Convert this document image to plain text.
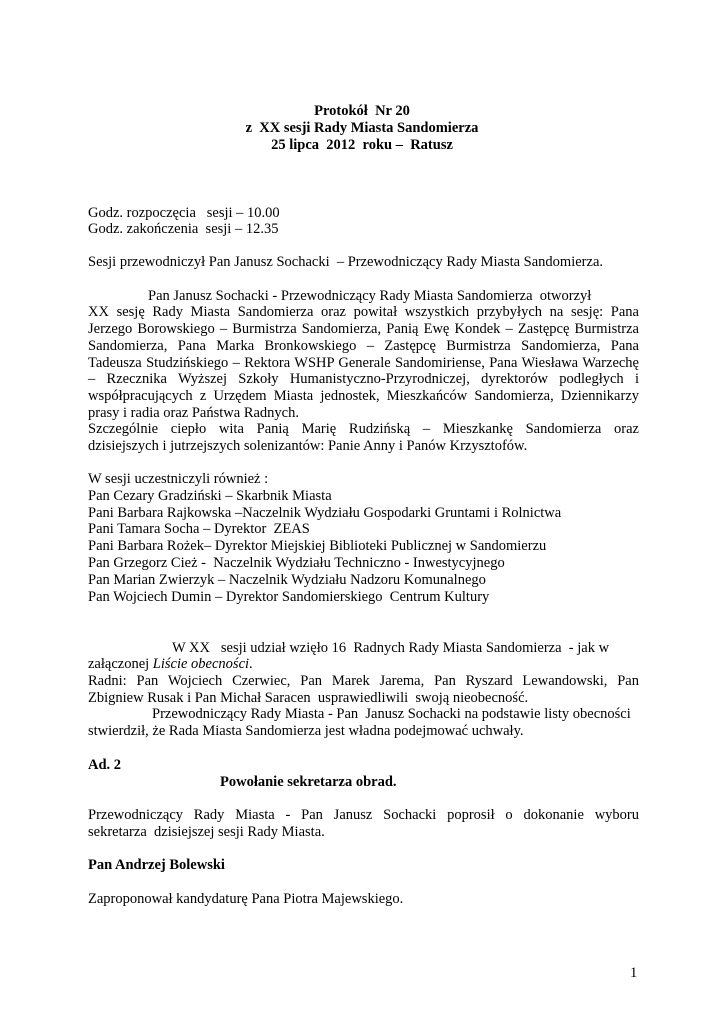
Protokół  Nr 20
z  XX sesji Rady Miasta Sandomierza
25 lipca  2012  roku –  Ratusz
Godz. rozpoczęcia   sesji – 10.00
Godz. zakończenia  sesji – 12.35
Sesji przewodniczył Pan Janusz Sochacki  – Przewodniczący Rady Miasta Sandomierza.
Pan Janusz Sochacki - Przewodniczący Rady Miasta Sandomierza  otworzył
XX sesję Rady Miasta Sandomierza oraz powitał wszystkich przybyłych na sesję: Pana
Jerzego Borowskiego – Burmistrza Sandomierza, Panią Ewę Kondek – Zastępcę Burmistrza
Sandomierza, Pana Marka Bronkowskiego – Zastępcę Burmistrza Sandomierza, Pana
Tadeusza Studzińskiego – Rektora WSHP Generale Sandomiriense, Pana Wiesława Warzechę
– Rzecznika Wyższej Szkoły Humanistyczno-Przyrodniczej, dyrektorów podległych i
współpracujących z Urzędem Miasta jednostek, Mieszkańców Sandomierza, Dziennikarzy
prasy i radia oraz Państwa Radnych.
Szczególnie ciepło wita Panią Marię Rudzińską – Mieszkankę Sandomierza oraz
dzisiejszych i jutrzejszych solenizantów: Panie Anny i Panów Krzysztofów.
W sesji uczestniczyli również :
Pan Cezary Gradziński – Skarbnik Miasta
Pani Barbara Rajkowska –Naczelnik Wydziału Gospodarki Gruntami i Rolnictwa
Pani Tamara Socha – Dyrektor  ZEAS
Pani Barbara Rożek– Dyrektor Miejskiej Biblioteki Publicznej w Sandomierzu
Pan Grzegorz Cież -  Naczelnik Wydziału Techniczno - Inwestycyjnego
Pan Marian Zwierzyk – Naczelnik Wydziału Nadzoru Komunalnego
Pan Wojciech Dumin – Dyrektor Sandomierskiego  Centrum Kultury
W XX   sesji udział wzięło 16  Radnych Rady Miasta Sandomierza  - jak w
załączonej Liście obecności.
Radni: Pan Wojciech Czerwiec, Pan Marek Jarema, Pan Ryszard Lewandowski, Pan
Zbigniew Rusak i Pan Michał Saracen  usprawiedliwili  swoją nieobecność.
Przewodniczący Rady Miasta - Pan  Janusz Sochacki na podstawie listy obecności
stwierdził, że Rada Miasta Sandomierza jest władna podejmować uchwały.
Ad. 2
Powołanie sekretarza obrad.
Przewodniczący Rady Miasta - Pan Janusz Sochacki poprosił o dokonanie wyboru
sekretarza  dzisiejszej sesji Rady Miasta.
Pan Andrzej Bolewski
Zaproponował kandydaturę Pana Piotra Majewskiego.
1
